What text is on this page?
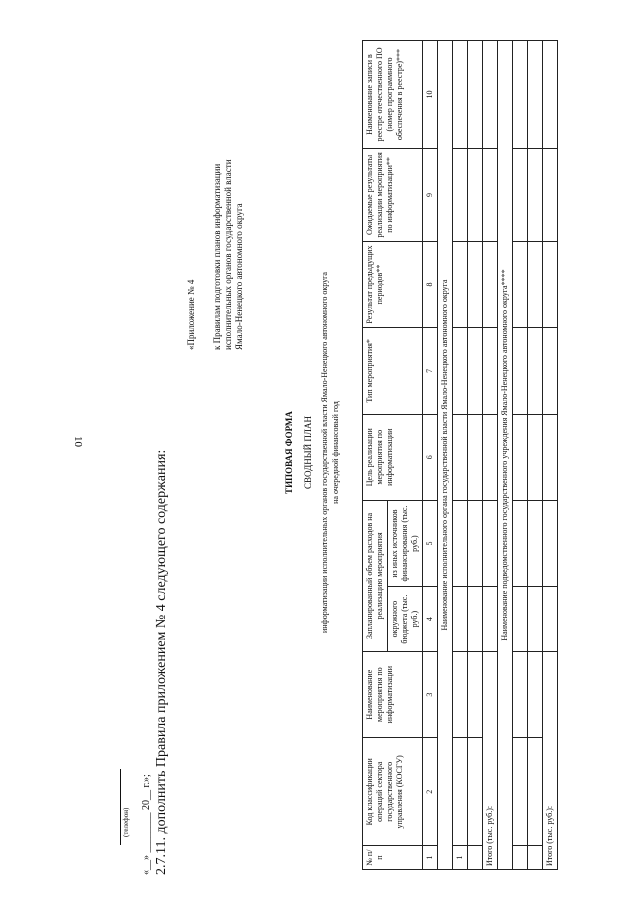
10
(телефон) «__» ________ 20__ г.»; 2.7.11. дополнить Правила приложением № 4 следующего содержания:
«Приложение № 4 к Правилам подготовки планов информатизации исполнительных органов государственной власти Ямало-Ненецкого автономного округа
ТИПОВАЯ ФОРМА СВОДНЫЙ ПЛАН информатизации исполнительных органов государственной власти Ямало-Ненецкого автономного округа на очередной финансовый год
№ п/п	Код классификации операций сектора государственного управления (КОСГУ)	Наименование мероприятия по информатизации	Запланированный объем расходов на реализацию мероприятия		Цель реализации мероприятия по информатизации	Тип мероприятия*	Результат предыдущих периодов**	Ожидаемые результаты реализации мероприятия по информатизации**	Наименование записи в реестре отечественного ПО (номер программного обеспечения в реестре)***
			окружного бюджета (тыс. руб.)	из иных источников финансирования (тыс. руб.)					
1	2	3	4	5	6	7	8	9	10
Наименование исполнительного органа государственной власти Ямало-Ненецкого автономного округа									
1									

Итого (тыс. руб.):									
Наименование подведомственного государственного учреждения Ямало-Ненецкого автономного округа****									

Итого (тыс. руб.):									
